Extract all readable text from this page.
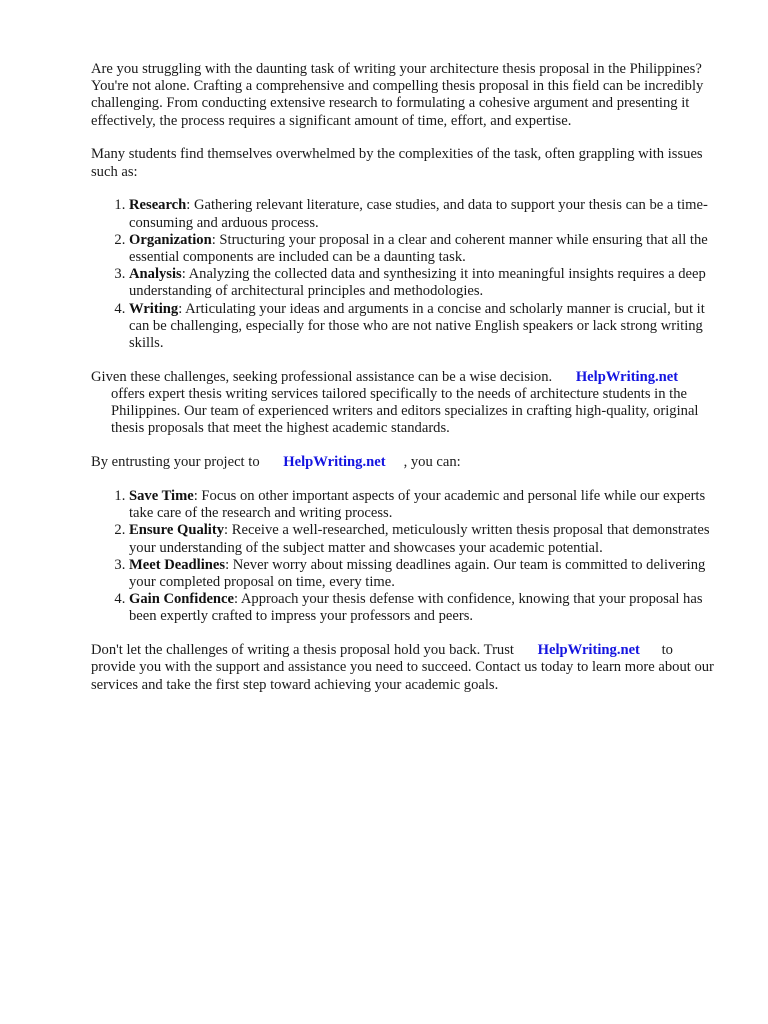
Are you struggling with the daunting task of writing your architecture thesis proposal in the Philippines? You're not alone. Crafting a comprehensive and compelling thesis proposal in this field can be incredibly challenging. From conducting extensive research to formulating a cohesive argument and presenting it effectively, the process requires a significant amount of time, effort, and expertise.

Many students find themselves overwhelmed by the complexities of the task, often grappling with issues such as:

1. Research: Gathering relevant literature, case studies, and data to support your thesis can be a time-consuming and arduous process.
2. Organization: Structuring your proposal in a clear and coherent manner while ensuring that all the essential components are included can be a daunting task.
3. Analysis: Analyzing the collected data and synthesizing it into meaningful insights requires a deep understanding of architectural principles and methodologies.
4. Writing: Articulating your ideas and arguments in a concise and scholarly manner is crucial, but it can be challenging, especially for those who are not native English speakers or lack strong writing skills.

Given these challenges, seeking professional assistance can be a wise decision. HelpWriting.net
offers expert thesis writing services tailored specifically to the needs of architecture students in the Philippines. Our team of experienced writers and editors specializes in crafting high-quality, original thesis proposals that meet the highest academic standards.

By entrusting your project to HelpWriting.net , you can:

1. Save Time: Focus on other important aspects of your academic and personal life while our experts take care of the research and writing process.
2. Ensure Quality: Receive a well-researched, meticulously written thesis proposal that demonstrates your understanding of the subject matter and showcases your academic potential.
3. Meet Deadlines: Never worry about missing deadlines again. Our team is committed to delivering your completed proposal on time, every time.
4. Gain Confidence: Approach your thesis defense with confidence, knowing that your proposal has been expertly crafted to impress your professors and peers.

Don't let the challenges of writing a thesis proposal hold you back. Trust HelpWriting.net to provide you with the support and assistance you need to succeed. Contact us today to learn more about our services and take the first step toward achieving your academic goals.
